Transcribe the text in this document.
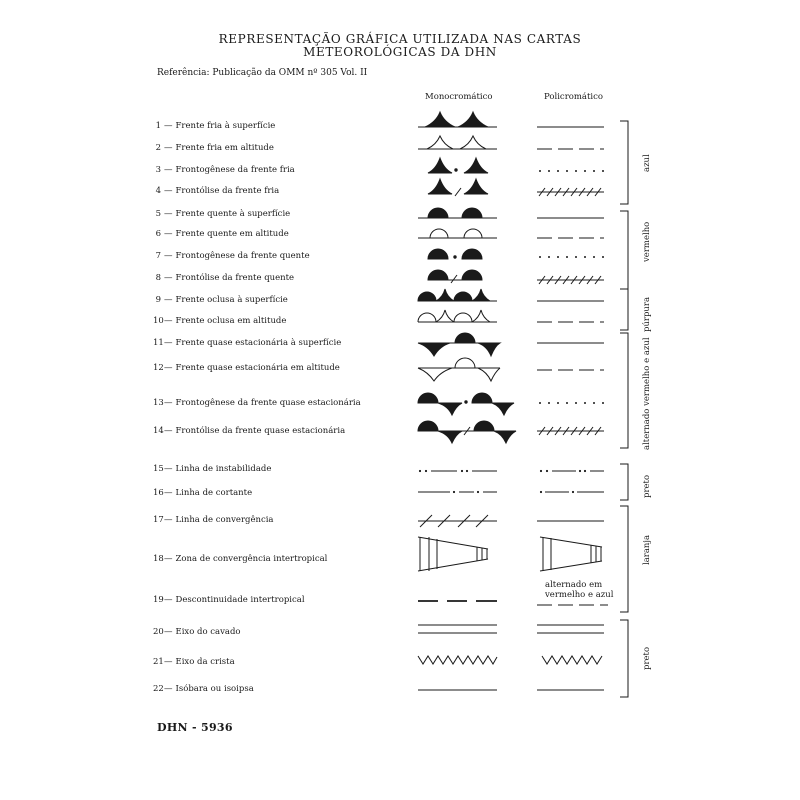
REPRESENTAÇÃO GRÁFICA UTILIZADA NAS CARTAS
METEOROLÓGICAS DA DHN
Referência: Publicação da OMM nº 305 Vol. II
Monocromático	Policromático
1 — Frente fria à superfície
2 — Frente fria em altitude
3 — Frontogênese da frente fria
4 — Frontólise da frente fria
5 — Frente quente à superfície
6 — Frente quente em altitude
7 — Frontogênese da frente quente
8 — Frontólise da frente quente
9 — Frente oclusa à superfície
10— Frente oclusa em altitude
11— Frente quase estacionária à superfície
12— Frente quase estacionária em altitude
13— Frontogênese da frente quase estacionária
14— Frontólise da frente quase estacionária
15— Linha de instabilidade
16— Linha de cortante
17— Linha de convergência
18— Zona de convergência intertropical
19— Descontinuidade intertropical
20— Eixo do cavado
21— Eixo da crista
22— Isóbara ou isoipsa
azul
vermelho
púrpura
alternado vermelho e azul
preto
laranja
preto
alternado em vermelho e azul
DHN - 5936
